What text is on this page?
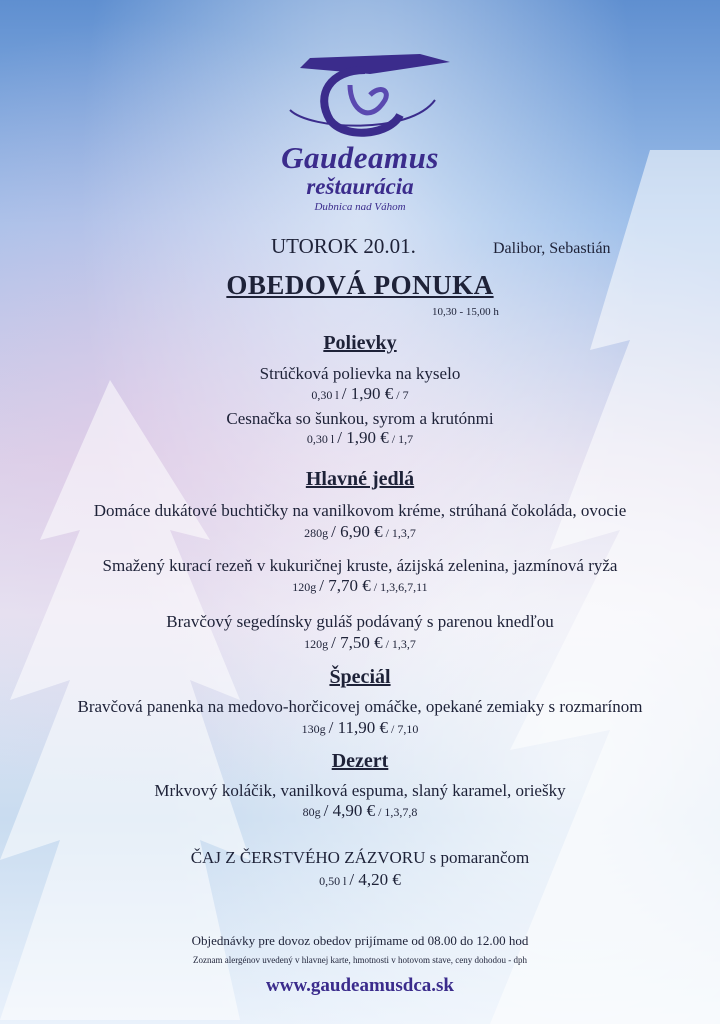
Gaudeamus
reštaurácia
Dubnica nad Váhom
UTOROK 20.01.	Dalibor, Sebastián
OBEDOVÁ PONUKA
10,30 - 15,00 h
Polievky
Strúčková polievka na kyselo
0,30 l / 1,90 € / 7
Cesnačka so šunkou, syrom a krutónmi
0,30 l / 1,90 € / 1,7
Hlavné jedlá
Domáce dukátové buchtičky na vanilkovom kréme, strúhaná čokoláda, ovocie
280g / 6,90 € / 1,3,7
Smažený kurací rezeň v kukuričnej kruste, ázijská zelenina, jazmínová ryža
120g / 7,70 € / 1,3,6,7,11
Bravčový segedínsky guláš podávaný s parenou knedľou
120g / 7,50 € / 1,3,7
Špeciál
Bravčová panenka na medovo-horčicovej omáčke, opekané zemiaky s rozmarínom
130g / 11,90 € / 7,10
Dezert
Mrkvový koláčik, vanilková espuma, slaný karamel, oriešky
80g / 4,90 € / 1,3,7,8
ČAJ Z ČERSTVÉHO ZÁZVORU s pomarančom
0,50 l / 4,20 €
Objednávky pre dovoz obedov prijímame od 08.00 do 12.00 hod
Zoznam alergénov uvedený v hlavnej karte, hmotnosti v hotovom stave, ceny dohodou - dph
www.gaudeamusdca.sk
